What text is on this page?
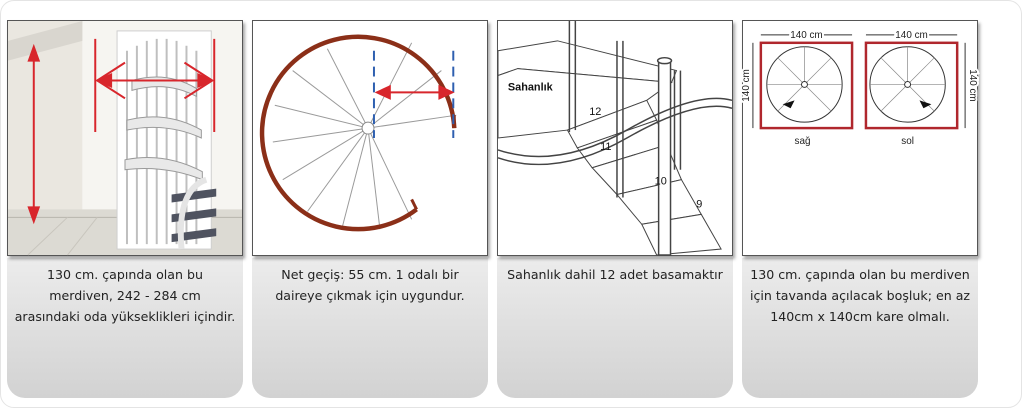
130 cm. çapında olan bu
merdiven, 242 - 284 cm
arasındaki oda yükseklikleri içindir.
Net geçiş: 55 cm. 1 odalı bir
daireye çıkmak için uygundur.
Sahanlık
12
11
10
9
Sahanlık dahil 12 adet basamaktır
140 cm	140 cm
140 cm	140 cm
sağ	sol
130 cm. çapında olan bu merdiven
için tavanda açılacak boşluk; en az
140cm x 140cm kare olmalı.
